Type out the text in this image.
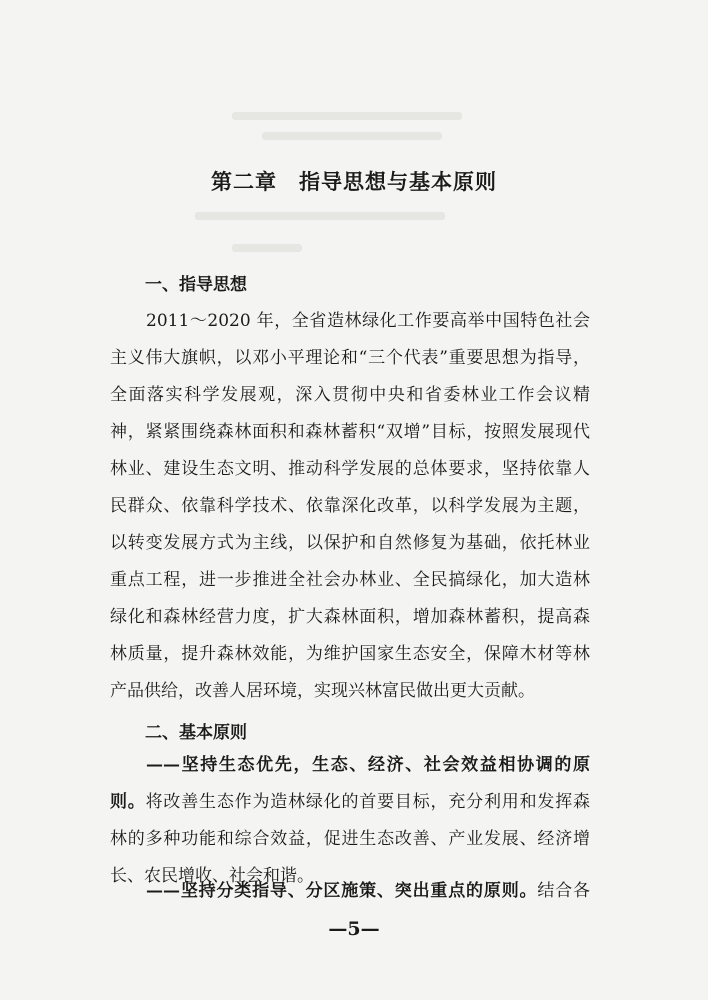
第二章　指导思想与基本原则
一、指导思想
2011～2020 年，全省造林绿化工作要高举中国特色社会
主义伟大旗帜，以邓小平理论和“三个代表”重要思想为指导，
全面落实科学发展观，深入贯彻中央和省委林业工作会议精
神，紧紧围绕森林面积和森林蓄积“双增”目标，按照发展现代
林业、建设生态文明、推动科学发展的总体要求，坚持依靠人
民群众、依靠科学技术、依靠深化改革，以科学发展为主题，
以转变发展方式为主线，以保护和自然修复为基础，依托林业
重点工程，进一步推进全社会办林业、全民搞绿化，加大造林
绿化和森林经营力度，扩大森林面积，增加森林蓄积，提高森
林质量，提升森林效能，为维护国家生态安全，保障木材等林
产品供给，改善人居环境，实现兴林富民做出更大贡献。
二、基本原则
——坚持生态优先，生态、经济、社会效益相协调的原
则。将改善生态作为造林绿化的首要目标，充分利用和发挥森
林的多种功能和综合效益，促进生态改善、产业发展、经济增
长、农民增收、社会和谐。
——坚持分类指导、分区施策、突出重点的原则。结合各
—5—
